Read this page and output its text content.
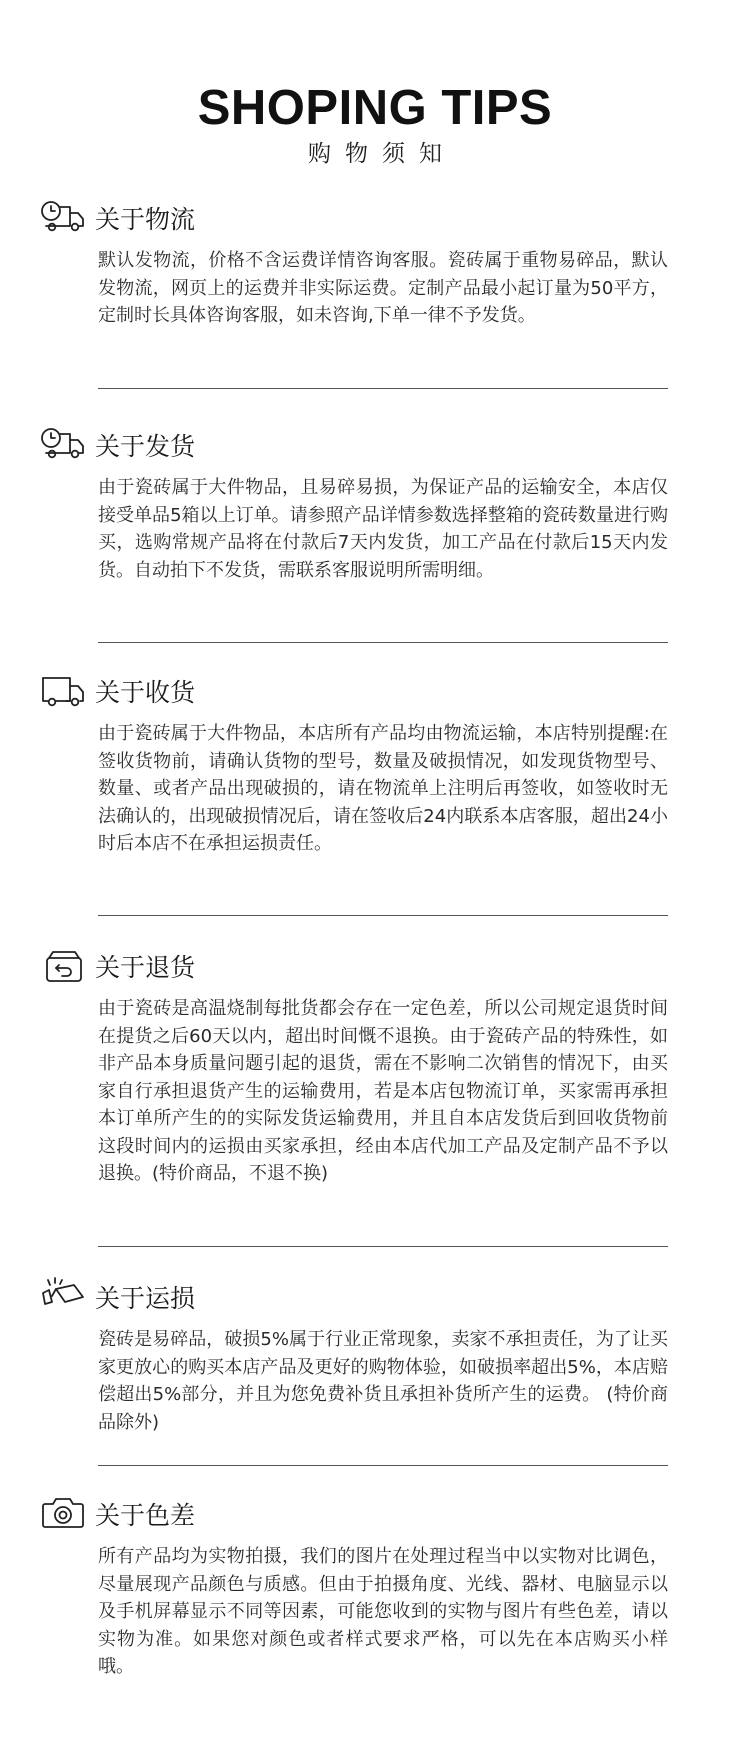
SHOPING TIPS
购物须知
关于物流
默认发物流，价格不含运费详情咨询客服。瓷砖属于重物易碎品，默认发物流，网页上的运费并非实际运费。定制产品最小起订量为50平方，定制时长具体咨询客服，如未咨询,下单一律不予发货。
关于发货
由于瓷砖属于大件物品，且易碎易损，为保证产品的运输安全，本店仅接受单品5箱以上订单。请参照产品详情参数选择整箱的瓷砖数量进行购买，选购常规产品将在付款后7天内发货，加工产品在付款后15天内发货。自动拍下不发货，需联系客服说明所需明细。
关于收货
由于瓷砖属于大件物品，本店所有产品均由物流运输，本店特别提醒:在签收货物前，请确认货物的型号，数量及破损情况，如发现货物型号、数量、或者产品出现破损的，请在物流单上注明后再签收，如签收时无法确认的，出现破损情况后，请在签收后24内联系本店客服，超出24小时后本店不在承担运损责任。
关于退货
由于瓷砖是高温烧制每批货都会存在一定色差，所以公司规定退货时间在提货之后60天以内，超出时间慨不退换。由于瓷砖产品的特殊性，如非产品本身质量问题引起的退货，需在不影响二次销售的情况下，由买家自行承担退货产生的运输费用，若是本店包物流订单，买家需再承担本订单所产生的的实际发货运输费用，并且自本店发货后到回收货物前这段时间内的运损由买家承担，经由本店代加工产品及定制产品不予以退换。(特价商品，不退不换)
关于运损
瓷砖是易碎品，破损5%属于行业正常现象，卖家不承担责任，为了让买家更放心的购买本店产品及更好的购物体验，如破损率超出5%，本店赔偿超出5%部分，并且为您免费补货且承担补货所产生的运费。 (特价商品除外)
关于色差
所有产品均为实物拍摄，我们的图片在处理过程当中以实物对比调色，尽量展现产品颜色与质感。但由于拍摄角度、光线、器材、电脑显示以及手机屏幕显示不同等因素，可能您收到的实物与图片有些色差，请以实物为准。如果您对颜色或者样式要求严格，可以先在本店购买小样哦。
